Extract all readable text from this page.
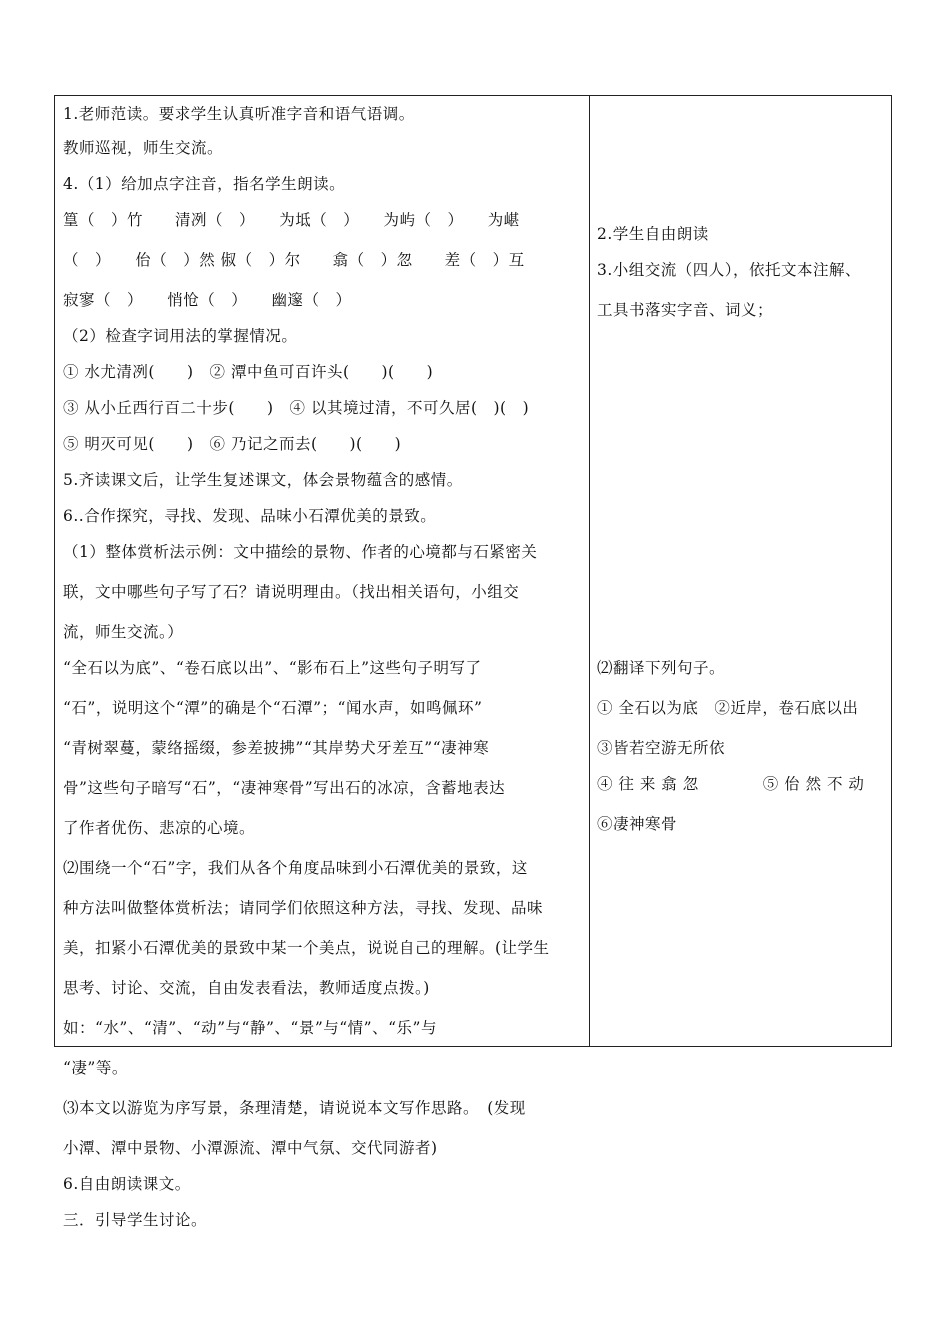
1.老师范读。要求学生认真听准字音和语气语调。
教师巡视，师生交流。
4.（1）给加点字注音，指名学生朗读。
篁（　）竹　　清冽（　）　　为坻（　）　　为屿（　）　　为嵁
（　）　　佁（　）然 俶（　）尔　　翕（　）忽　　差（　）互
寂寥（　）　　悄怆（　）　　幽邃（　）
（2）检查字词用法的掌握情况。
① 水尤清冽(　　)　② 潭中鱼可百许头(　　)(　　)
③ 从小丘西行百二十步(　　)　④ 以其境过清，不可久居(　)(　)
⑤ 明灭可见(　　)　⑥ 乃记之而去(　　)(　　)
5.齐读课文后，让学生复述课文，体会景物蕴含的感情。
6..合作探究，寻找、发现、品味小石潭优美的景致。
（1）整体赏析法示例：文中描绘的景物、作者的心境都与石紧密关
联，文中哪些句子写了石？请说明理由。（找出相关语句，小组交
流，师生交流。）
“全石以为底”、“卷石底以出”、“影布石上”这些句子明写了
“石”，说明这个“潭”的确是个“石潭”；“闻水声，如鸣佩环”
“青树翠蔓，蒙络摇缀，参差披拂”“其岸势犬牙差互”“凄神寒
骨”这些句子暗写“石”，“凄神寒骨”写出石的冰凉，含蓄地表达
了作者优伤、悲凉的心境。
⑵围绕一个“石”字，我们从各个角度品味到小石潭优美的景致，这
种方法叫做整体赏析法；请同学们依照这种方法，寻找、发现、品味
美，扣紧小石潭优美的景致中某一个美点，说说自己的理解。(让学生
思考、讨论、交流，自由发表看法，教师适度点拨。)
如：“水”、“清”、“动”与“静”、“景”与“情”、“乐”与
“凄”等。
⑶本文以游览为序写景，条理清楚，请说说本文写作思路。　(发现
小潭、潭中景物、小潭源流、潭中气氛、交代同游者)
6.自由朗读课文。
三．引导学生讨论。
2.学生自由朗读
3.小组交流（四人），依托文本注解、
工具书落实字音、词义；
⑵翻译下列句子。
① 全石以为底　②近岸，卷石底以出
③皆若空游无所依
④ 往 来 翕 忽　　　　⑤ 佁 然 不 动
⑥凄神寒骨
